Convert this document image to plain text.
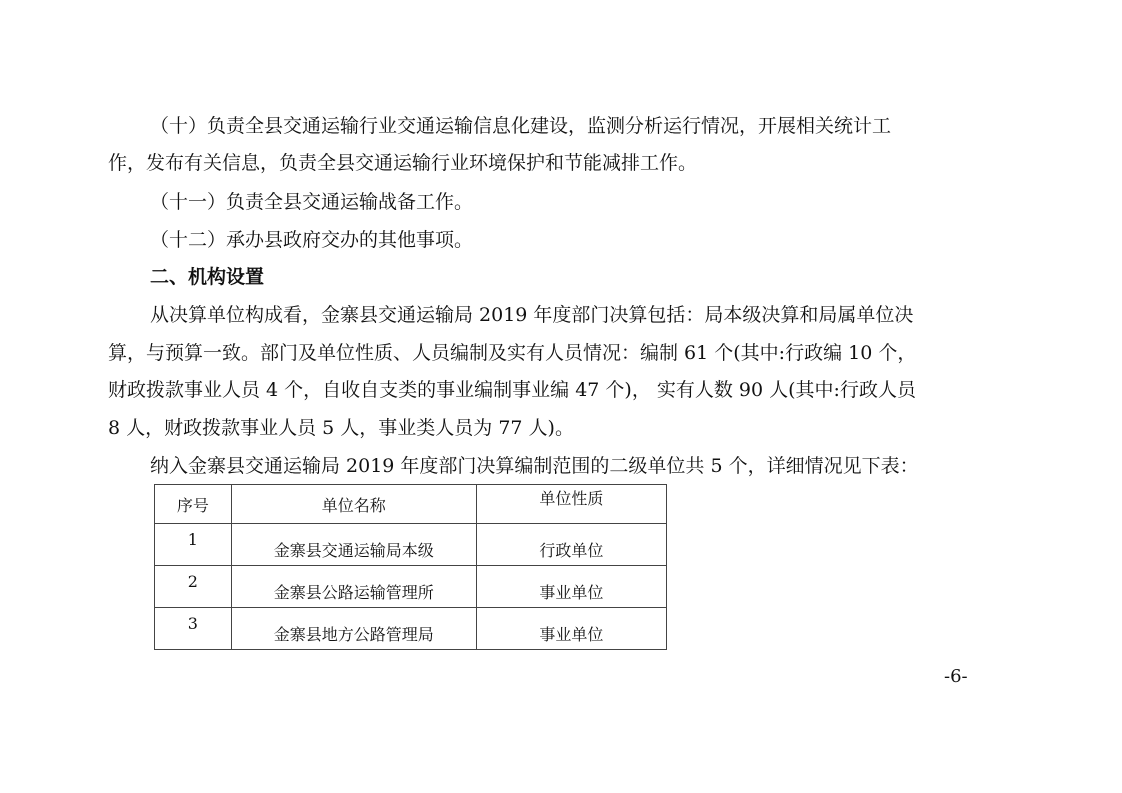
（十）负责全县交通运输行业交通运输信息化建设，监测分析运行情况，开展相关统计工

作，发布有关信息，负责全县交通运输行业环境保护和节能减排工作。

（十一）负责全县交通运输战备工作。

（十二）承办县政府交办的其他事项。

二、机构设置

从决算单位构成看，金寨县交通运输局 2019 年度部门决算包括：局本级决算和局属单位决

算，与预算一致。部门及单位性质、人员编制及实有人员情况：编制 61 个(其中:行政编 10 个，

财政拨款事业人员 4 个，自收自支类的事业编制事业编 47 个)， 实有人数 90 人(其中:行政人员

8 人，财政拨款事业人员 5 人，事业类人员为 77 人)。

纳入金寨县交通运输局 2019 年度部门决算编制范围的二级单位共 5 个，详细情况见下表：

序号	单位名称	单位性质

1	金寨县交通运输局本级	行政单位

2	金寨县公路运输管理所	事业单位

3	金寨县地方公路管理局	事业单位
-6-
